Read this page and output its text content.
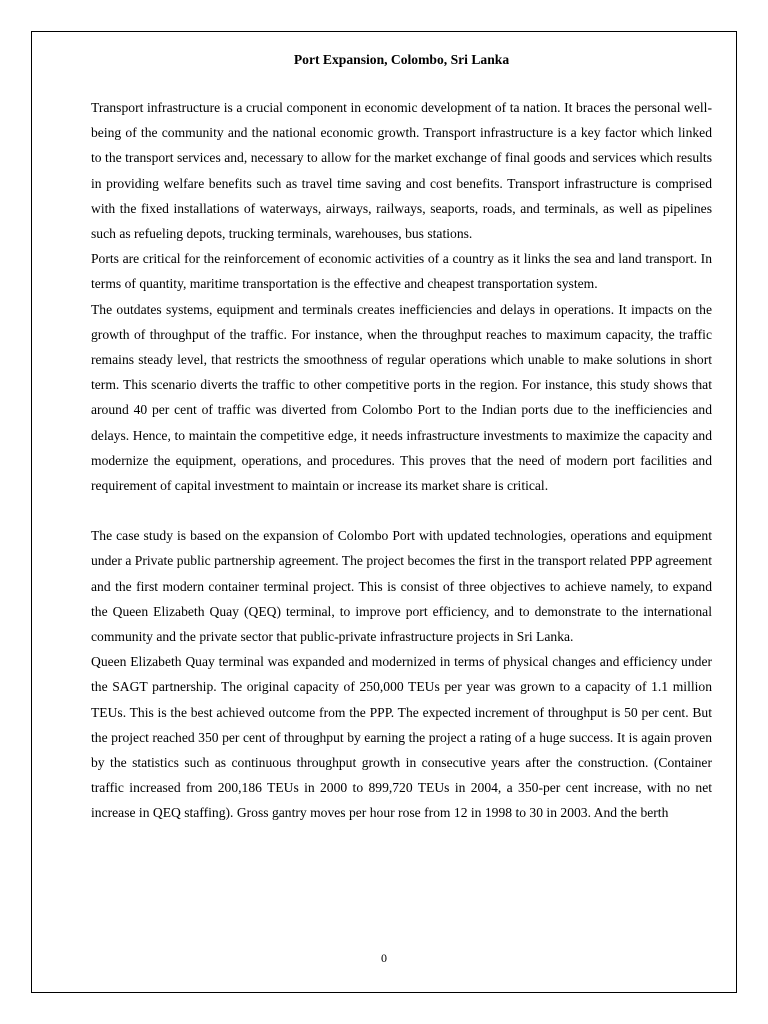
Port Expansion, Colombo, Sri Lanka

Transport infrastructure is a crucial component in economic development of ta nation. It braces the personal well-being of the community and the national economic growth. Transport infrastructure is a key factor which linked to the transport services and, necessary to allow for the market exchange of final goods and services which results in providing welfare benefits such as travel time saving and cost benefits. Transport infrastructure is comprised with the fixed installations of waterways, airways, railways, seaports, roads, and terminals, as well as pipelines such as refueling depots, trucking terminals, warehouses, bus stations.

Ports are critical for the reinforcement of economic activities of a country as it links the sea and land transport. In terms of quantity, maritime transportation is the effective and cheapest transportation system.

The outdates systems, equipment and terminals creates inefficiencies and delays in operations. It impacts on the growth of throughput of the traffic. For instance, when the throughput reaches to maximum capacity, the traffic remains steady level, that restricts the smoothness of regular operations which unable to make solutions in short term. This scenario diverts the traffic to other competitive ports in the region. For instance, this study shows that around 40 per cent of traffic was diverted from Colombo Port to the Indian ports due to the inefficiencies and delays. Hence, to maintain the competitive edge, it needs infrastructure investments to maximize the capacity and modernize the equipment, operations, and procedures. This proves that the need of modern port facilities and requirement of capital investment to maintain or increase its market share is critical.

The case study is based on the expansion of Colombo Port with updated technologies, operations and equipment under a Private public partnership agreement. The project becomes the first in the transport related PPP agreement and the first modern container terminal project. This is consist of three objectives to achieve namely, to expand the Queen Elizabeth Quay (QEQ) terminal, to improve port efficiency, and to demonstrate to the international community and the private sector that public-private infrastructure projects in Sri Lanka.

Queen Elizabeth Quay terminal was expanded and modernized in terms of physical changes and efficiency under the SAGT partnership. The original capacity of 250,000 TEUs per year was grown to a capacity of 1.1 million TEUs. This is the best achieved outcome from the PPP. The expected increment of throughput is 50 per cent. But the project reached 350 per cent of throughput by earning the project a rating of a huge success. It is again proven by the statistics such as continuous throughput growth in consecutive years after the construction. (Container traffic increased from 200,186 TEUs in 2000 to 899,720 TEUs in 2004, a 350-per cent increase, with no net increase in QEQ staffing). Gross gantry moves per hour rose from 12 in 1998 to 30 in 2003. And the berth

0
